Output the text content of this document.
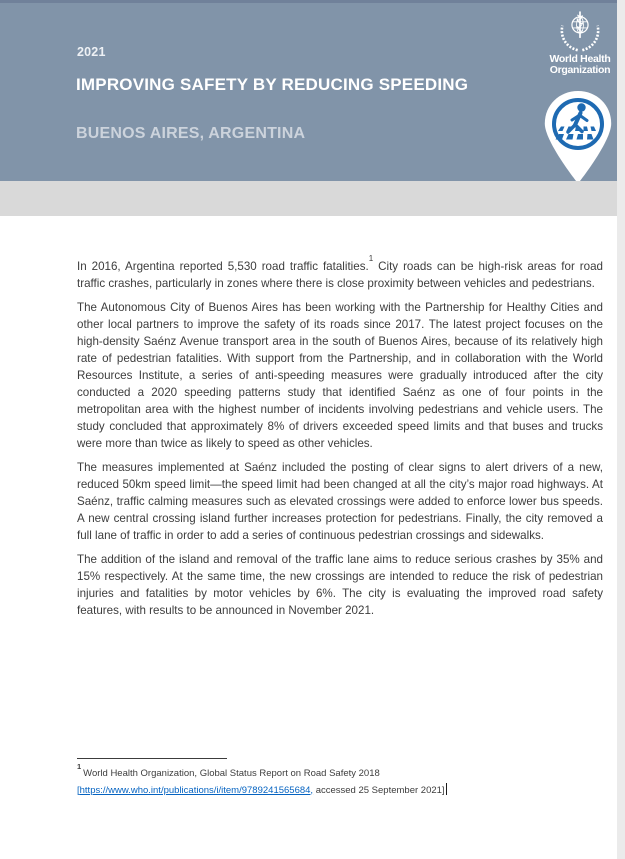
2021
IMPROVING SAFETY BY REDUCING SPEEDING
BUENOS AIRES, ARGENTINA
World Health
Organization

In 2016, Argentina reported 5,530 road traffic fatalities.$^1$ City roads can be high-risk areas for road traffic crashes, particularly in zones where there is close proximity between vehicles and pedestrians.

The Autonomous City of Buenos Aires has been working with the Partnership for Healthy Cities and other local partners to improve the safety of its roads since 2017. The latest project focuses on the high-density Saénz Avenue transport area in the south of Buenos Aires, because of its relatively high rate of pedestrian fatalities. With support from the Partnership, and in collaboration with the World Resources Institute, a series of anti-speeding measures were gradually introduced after the city conducted a 2020 speeding patterns study that identified Saénz as one of four points in the metropolitan area with the highest number of incidents involving pedestrians and vehicle users. The study concluded that approximately 8% of drivers exceeded speed limits and that buses and trucks were more than twice as likely to speed as other vehicles.

The measures implemented at Saénz included the posting of clear signs to alert drivers of a new, reduced 50km speed limit—the speed limit had been changed at all the city’s major road highways. At Saénz, traffic calming measures such as elevated crossings were added to enforce lower bus speeds. A new central crossing island further increases protection for pedestrians. Finally, the city removed a full lane of traffic in order to add a series of continuous pedestrian crossings and sidewalks.

The addition of the island and removal of the traffic lane aims to reduce serious crashes by 35% and 15% respectively. At the same time, the new crossings are intended to reduce the risk of pedestrian injuries and fatalities by motor vehicles by 6%. The city is evaluating the improved road safety features, with results to be announced in November 2021.

$^1$World Health Organization, Global Status Report on Road Safety 2018
[https://www.who.int/publications/i/item/9789241565684, accessed 25 September 2021]
